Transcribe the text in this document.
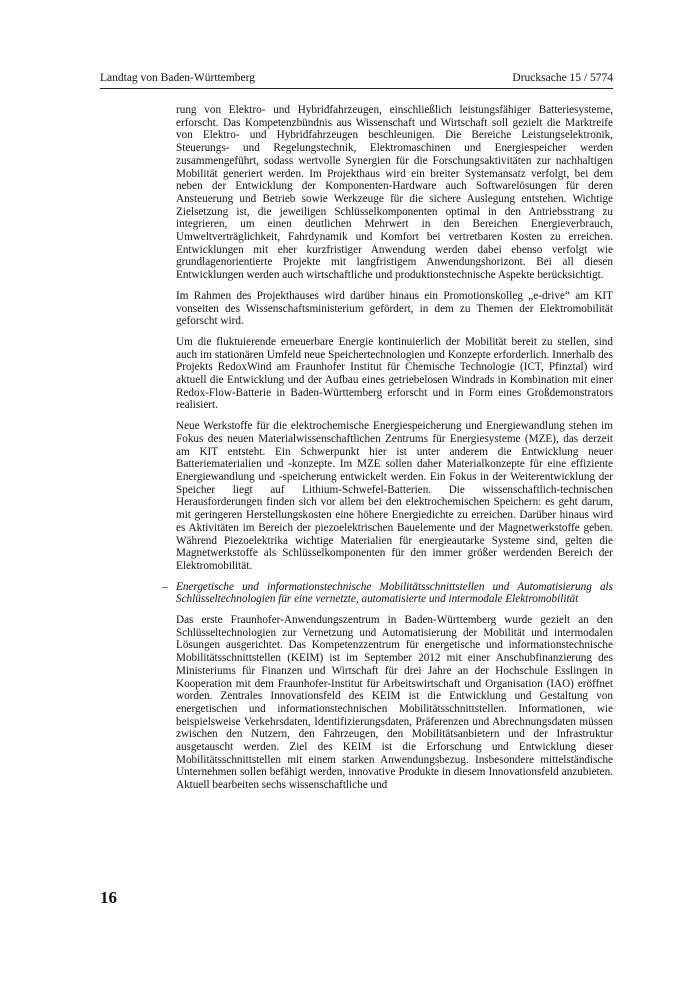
Landtag von Baden-Württemberg	Drucksache 15 / 5774

rung von Elektro- und Hybridfahrzeugen, einschließlich leistungsfähiger Batteriesysteme, erforscht. Das Kompetenzbündnis aus Wissenschaft und Wirtschaft soll gezielt die Marktreife von Elektro- und Hybridfahrzeugen beschleunigen. Die Bereiche Leistungselektronik, Steuerungs- und Regelungstechnik, Elektromaschinen und Energiespeicher werden zusammengeführt, sodass wertvolle Synergien für die Forschungsaktivitäten zur nachhaltigen Mobilität generiert werden. Im Projekthaus wird ein breiter Systemansatz verfolgt, bei dem neben der Entwicklung der Komponenten-Hardware auch Softwarelösungen für deren Ansteuerung und Betrieb sowie Werkzeuge für die sichere Auslegung entstehen. Wichtige Zielsetzung ist, die jeweiligen Schlüsselkomponenten optimal in den Antriebsstrang zu integrieren, um einen deutlichen Mehrwert in den Bereichen Energieverbrauch, Umweltverträglichkeit, Fahrdynamik und Komfort bei vertretbaren Kosten zu erreichen. Entwicklungen mit eher kurzfristiger Anwendung werden dabei ebenso verfolgt wie grundlagenorientierte Projekte mit langfristigem Anwendungshorizont. Bei all diesen Entwicklungen werden auch wirtschaftliche und produktionstechnische Aspekte berücksichtigt.

Im Rahmen des Projekthauses wird darüber hinaus ein Promotionskolleg „e-drive“ am KIT vonseiten des Wissenschaftsministerium gefördert, in dem zu Themen der Elektromobilität geforscht wird.

Um die fluktuierende erneuerbare Energie kontinuierlich der Mobilität bereit zu stellen, sind auch im stationären Umfeld neue Speichertechnologien und Konzepte erforderlich. Innerhalb des Projekts RedoxWind am Fraunhofer Institut für Chemische Technologie (ICT, Pfinztal) wird aktuell die Entwicklung und der Aufbau eines getriebelosen Windrads in Kombination mit einer Redox-Flow-Batterie in Baden-Württemberg erforscht und in Form eines Großdemonstrators realisiert.

Neue Werkstoffe für die elektrochemische Energiespeicherung und Energiewandlung stehen im Fokus des neuen Materialwissenschaftlichen Zentrums für Energiesysteme (MZE), das derzeit am KIT entsteht. Ein Schwerpunkt hier ist unter anderem die Entwicklung neuer Batteriematerialien und -konzepte. Im MZE sollen daher Materialkonzepte für eine effiziente Energiewandlung und -speicherung entwickelt werden. Ein Fokus in der Weiterentwicklung der Speicher liegt auf Lithium-Schwefel-Batterien. Die wissenschaftlich-technischen Herausforderungen finden sich vor allem bei den elektrochemischen Speichern: es geht darum, mit geringeren Herstellungskosten eine höhere Energiedichte zu erreichen. Darüber hinaus wird es Aktivitäten im Bereich der piezoelektrischen Bauelemente und der Magnetwerkstoffe geben. Während Piezoelektrika wichtige Materialien für energieautarke Systeme sind, gelten die Magnetwerkstoffe als Schlüsselkomponenten für den immer größer werdenden Bereich der Elektromobilität.

– Energetische und informationstechnische Mobilitätsschnittstellen und Automatisierung als Schlüsseltechnologien für eine vernetzte, automatisierte und intermodale Elektromobilität

Das erste Fraunhofer-Anwendungszentrum in Baden-Württemberg wurde gezielt an den Schlüsseltechnologien zur Vernetzung und Automatisierung der Mobilität und intermodalen Lösungen ausgerichtet. Das Kompetenzzentrum für energetische und informationstechnische Mobilitätsschnittstellen (KEIM) ist im September 2012 mit einer Anschubfinanzierung des Ministeriums für Finanzen und Wirtschaft für drei Jahre an der Hochschule Esslingen in Kooperation mit dem Fraunhofer-Institut für Arbeitswirtschaft und Organisation (IAO) eröffnet worden. Zentrales Innovationsfeld des KEIM ist die Entwicklung und Gestaltung von energetischen und informationstechnischen Mobilitätsschnittstellen. Informationen, wie beispielsweise Verkehrsdaten, Identifizierungsdaten, Präferenzen und Abrechnungsdaten müssen zwischen den Nutzern, den Fahrzeugen, den Mobilitätsanbietern und der Infrastruktur ausgetauscht werden. Ziel des KEIM ist die Erforschung und Entwicklung dieser Mobilitätsschnittstellen mit einem starken Anwendungsbezug. Insbesondere mittelständische Unternehmen sollen befähigt werden, innovative Produkte in diesem Innovationsfeld anzubieten. Aktuell bearbeiten sechs wissenschaftliche und

16
